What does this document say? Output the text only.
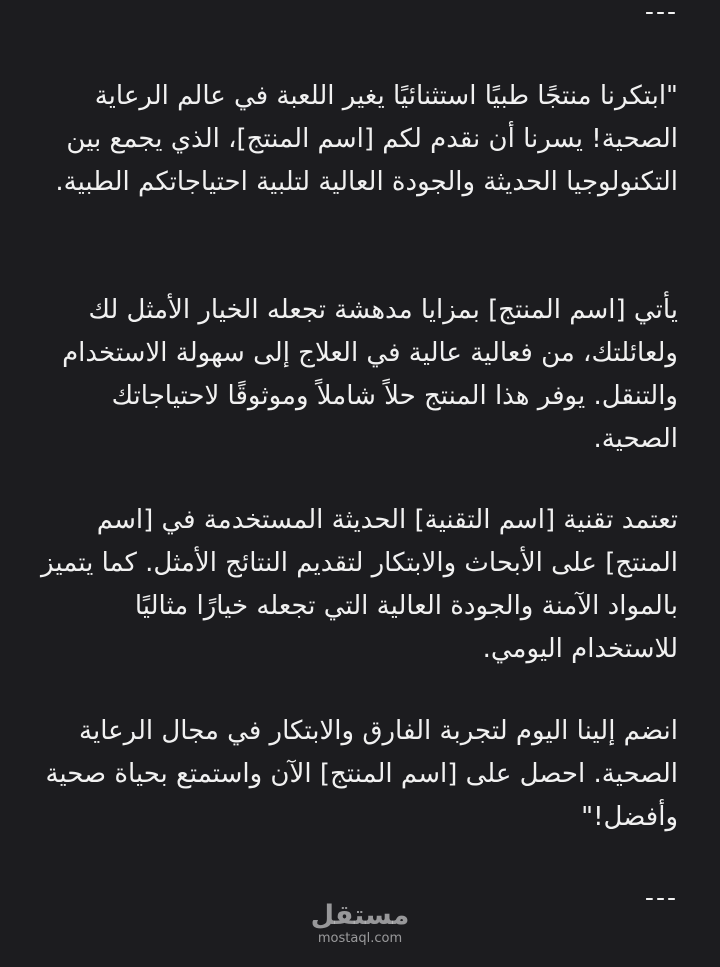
---

"ابتكرنا منتجًا طبيًا استثنائيًا يغير اللعبة في عالم الرعاية الصحية! يسرنا أن نقدم لكم [اسم المنتج]، الذي يجمع بين التكنولوجيا الحديثة والجودة العالية لتلبية احتياجاتكم الطبية.

يأتي [اسم المنتج] بمزايا مدهشة تجعله الخيار الأمثل لك ولعائلتك، من فعالية عالية في العلاج إلى سهولة الاستخدام والتنقل. يوفر هذا المنتج حلاً شاملاً وموثوقًا لاحتياجاتك الصحية.

تعتمد تقنية [اسم التقنية] الحديثة المستخدمة في [اسم المنتج] على الأبحاث والابتكار لتقديم النتائج الأمثل. كما يتميز بالمواد الآمنة والجودة العالية التي تجعله خيارًا مثاليًا للاستخدام اليومي.

انضم إلينا اليوم لتجربة الفارق والابتكار في مجال الرعاية الصحية. احصل على [اسم المنتج] الآن واستمتع بحياة صحية وأفضل!"

---
مستقل
mostaql.com
